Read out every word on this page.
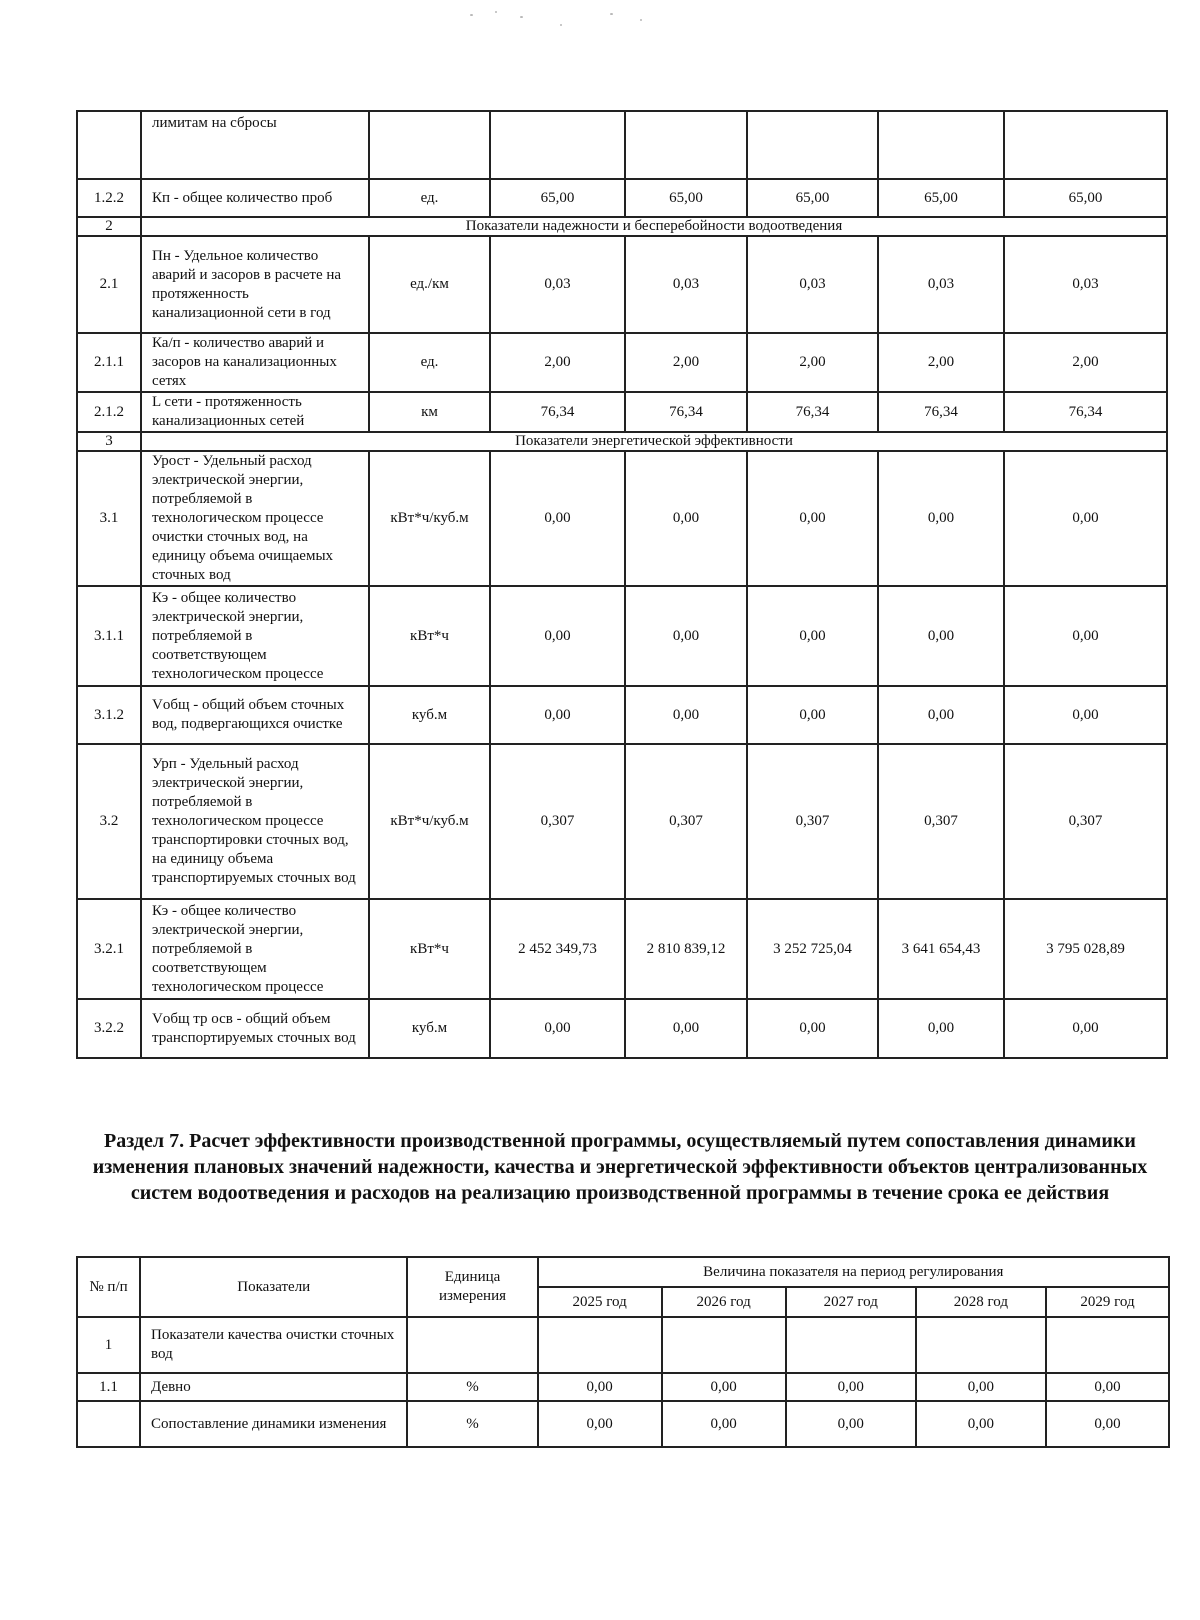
	лимитам на сбросы						
1.2.2	Кп - общее количество проб	ед.	65,00	65,00	65,00	65,00	65,00
2	Показатели надежности и бесперебойности водоотведения						
2.1	Пн - Удельное количество аварий и засоров в расчете на протяженность канализационной сети в год	ед./км	0,03	0,03	0,03	0,03	0,03
2.1.1	Ка/п - количество аварий и засоров на канализационных сетях	ед.	2,00	2,00	2,00	2,00	2,00
2.1.2	L сети - протяженность канализационных сетей	км	76,34	76,34	76,34	76,34	76,34
3	Показатели энергетической эффективности						
3.1	Урост - Удельный расход электрической энергии, потребляемой в технологическом процессе очистки сточных вод, на единицу объема очищаемых сточных вод	кВт*ч/куб.м	0,00	0,00	0,00	0,00	0,00
3.1.1	Кэ - общее количество электрической энергии, потребляемой в соответствующем технологическом процессе	кВт*ч	0,00	0,00	0,00	0,00	0,00
3.1.2	Vобщ - общий объем сточных вод, подвергающихся очистке	куб.м	0,00	0,00	0,00	0,00	0,00
3.2	Урп - Удельный расход электрической энергии, потребляемой в технологическом процессе транспортировки сточных вод, на единицу объема транспортируемых сточных вод	кВт*ч/куб.м	0,307	0,307	0,307	0,307	0,307
3.2.1	Кэ - общее количество электрической энергии, потребляемой в соответствующем технологическом процессе	кВт*ч	2 452 349,73	2 810 839,12	3 252 725,04	3 641 654,43	3 795 028,89
3.2.2	Vобщ тр осв - общий объем транспортируемых сточных вод	куб.м	0,00	0,00	0,00	0,00	0,00
Раздел 7. Расчет эффективности производственной программы, осуществляемый путем сопоставления динамики изменения плановых значений надежности, качества и энергетической эффективности объектов централизованных систем водоотведения и расходов на реализацию производственной программы в течение срока ее действия
№ п/п	Показатели	Единица измерения	Величина показателя на период регулирования				
			2025 год	2026 год	2027 год	2028 год	2029 год
1	Показатели качества очистки сточных вод						
1.1	Девно	%	0,00	0,00	0,00	0,00	0,00
	Сопоставление динамики изменения	%	0,00	0,00	0,00	0,00	0,00
